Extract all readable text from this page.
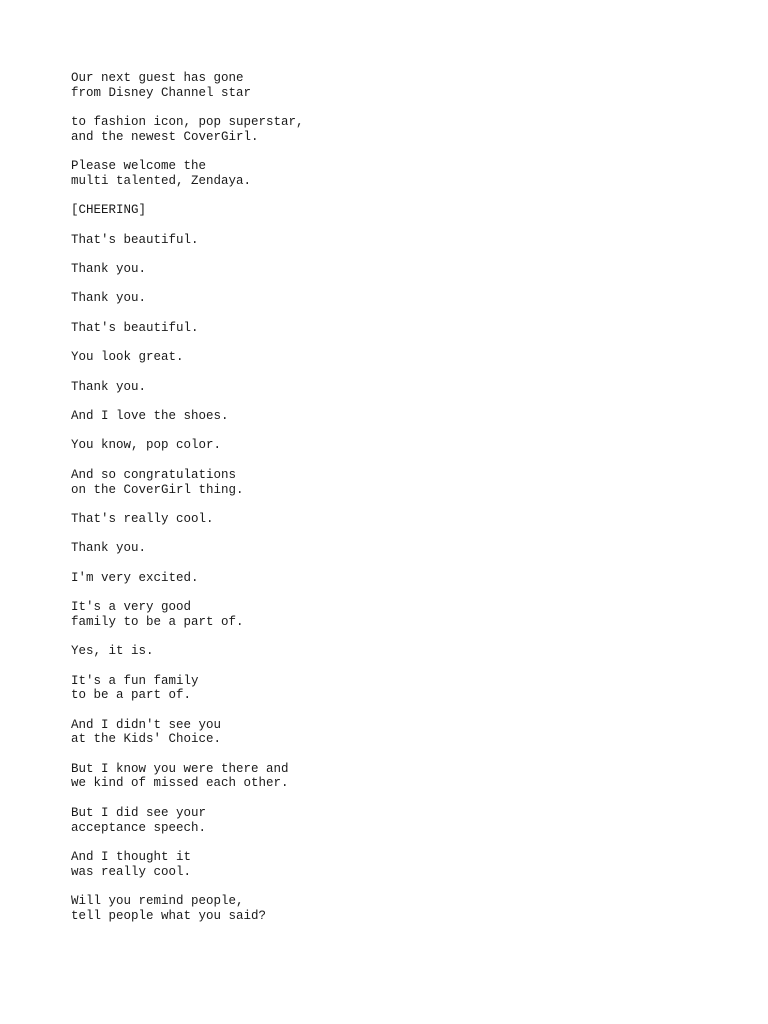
Our next guest has gone
from Disney Channel star
to fashion icon, pop superstar,
and the newest CoverGirl.
Please welcome the
multi talented, Zendaya.
[CHEERING]
That's beautiful.
Thank you.
Thank you.
That's beautiful.
You look great.
Thank you.
And I love the shoes.
You know, pop color.
And so congratulations
on the CoverGirl thing.
That's really cool.
Thank you.
I'm very excited.
It's a very good
family to be a part of.
Yes, it is.
It's a fun family
to be a part of.
And I didn't see you
at the Kids' Choice.
But I know you were there and
we kind of missed each other.
But I did see your
acceptance speech.
And I thought it
was really cool.
Will you remind people,
tell people what you said?
